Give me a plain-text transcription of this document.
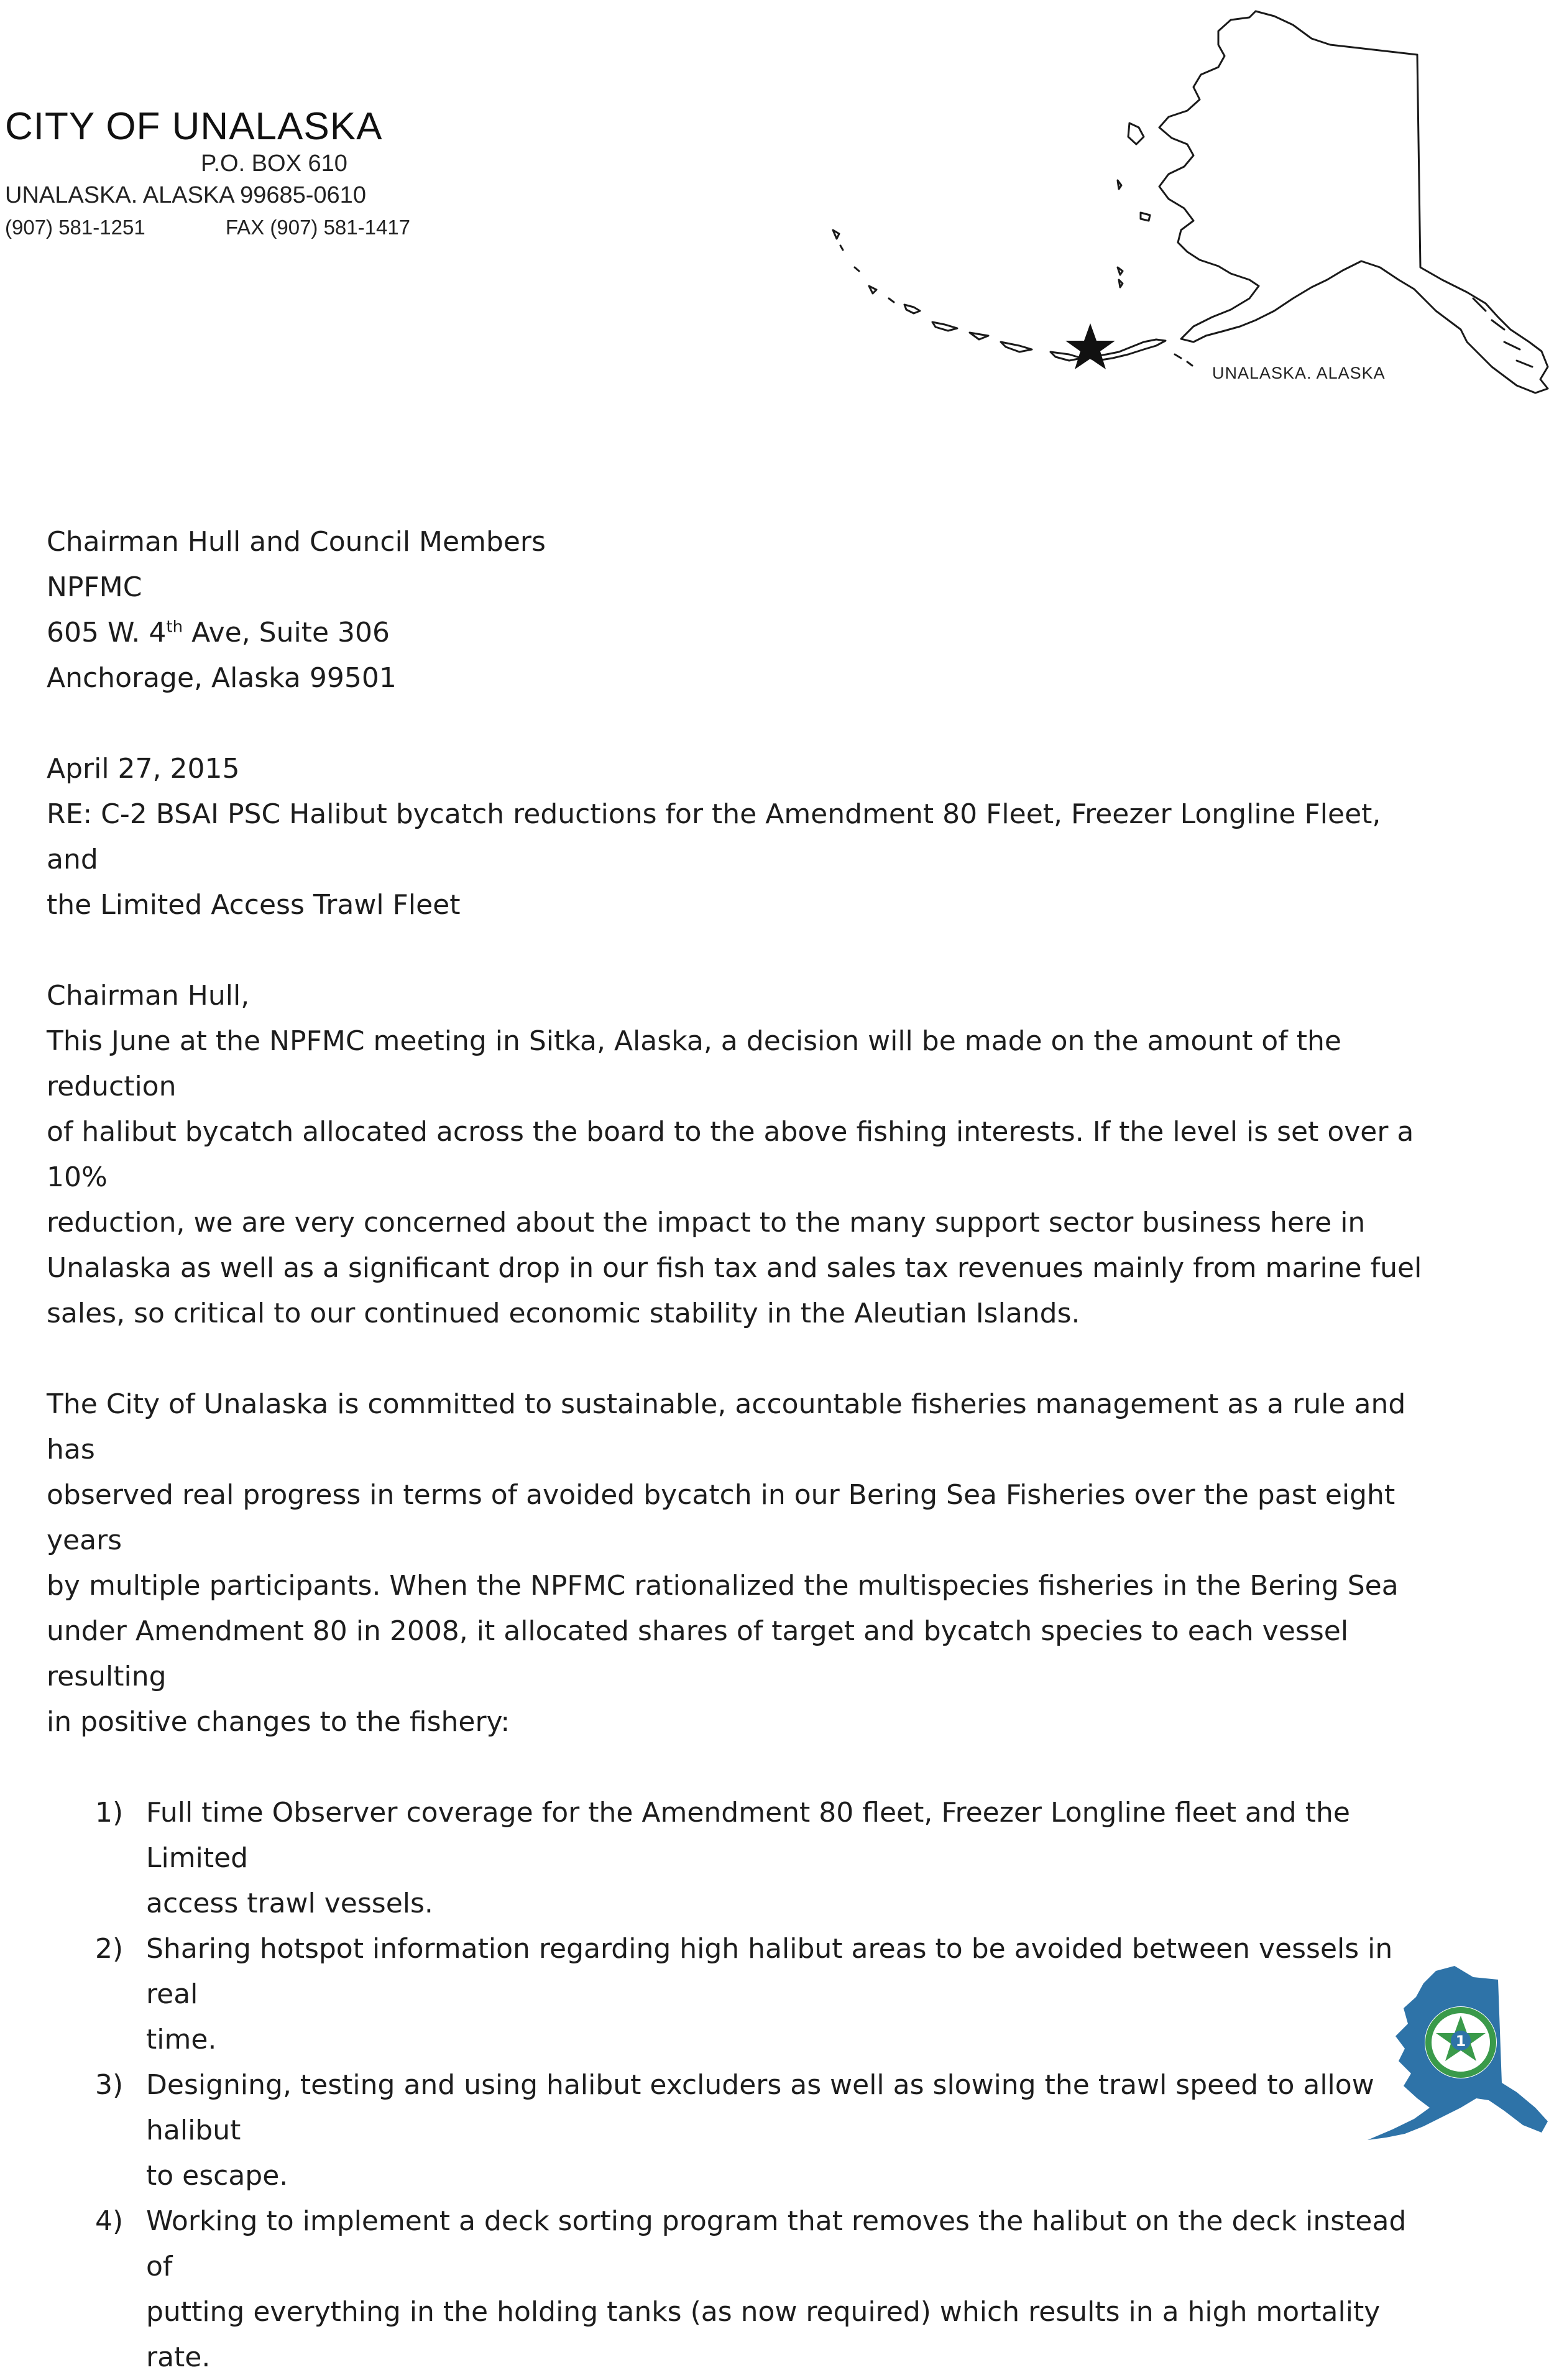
CITY OF UNALASKA
P.O. BOX 610
UNALASKA. ALASKA 99685-0610
(907) 581-1251	FAX (907) 581-1417
UNALASKA. ALASKA
Chairman Hull and Council Members
NPFMC
605 W. 4th Ave, Suite 306
Anchorage, Alaska 99501
April 27, 2015
RE: C-2 BSAI PSC Halibut bycatch reductions for the Amendment 80 Fleet, Freezer Longline Fleet, and
the Limited Access Trawl Fleet
Chairman Hull,
This June at the NPFMC meeting in Sitka, Alaska, a decision will be made on the amount of the reduction
of halibut bycatch allocated across the board to the above fishing interests. If the level is set over a 10%
reduction, we are very concerned about the impact to the many support sector business here in
Unalaska as well as a significant drop in our fish tax and sales tax revenues mainly from marine fuel
sales, so critical to our continued economic stability in the Aleutian Islands.
The City of Unalaska is committed to sustainable, accountable fisheries management as a rule and has
observed real progress in terms of avoided bycatch in our Bering Sea Fisheries over the past eight years
by multiple participants. When the NPFMC rationalized the multispecies fisheries in the Bering Sea
under Amendment 80 in 2008, it allocated shares of target and bycatch species to each vessel resulting
in positive changes to the fishery:
1) Full time Observer coverage for the Amendment 80 fleet, Freezer Longline fleet and the Limited
access trawl vessels.
2) Sharing hotspot information regarding high halibut areas to be avoided between vessels in real
time.
3) Designing, testing and using halibut excluders as well as slowing the trawl speed to allow halibut
to escape.
4) Working to implement a deck sorting program that removes the halibut on the deck instead of
putting everything in the holding tanks (as now required) which results in a high mortality rate.
1
